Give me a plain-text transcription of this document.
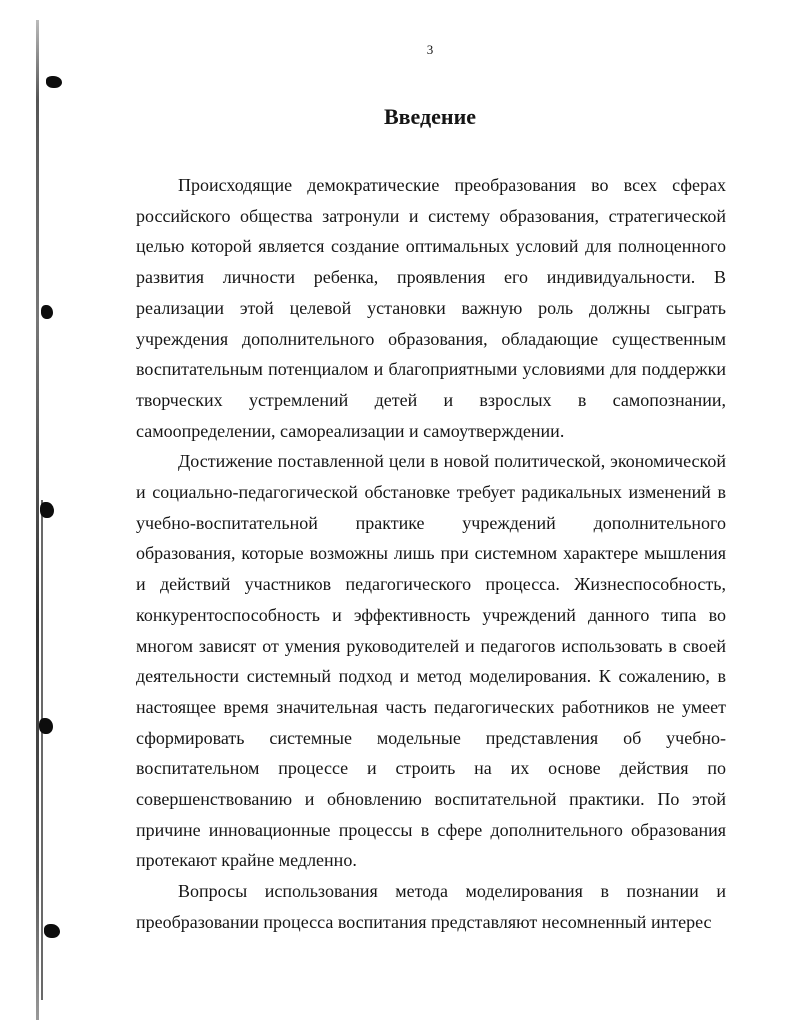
3
Введение

Происходящие демократические преобразования во всех сферах российского общества затронули и систему образования, стратегической целью которой является создание оптимальных условий для полноценного развития личности ребенка, проявления его индивидуальности. В реализации этой целевой установки важную роль должны сыграть учреждения дополнительного образования, обладающие существенным воспитательным потенциалом и благоприятными условиями для поддержки творческих устремлений детей и взрослых в самопознании, самоопределении, самореализации и самоутверждении.

Достижение поставленной цели в новой политической, экономической и социально-педагогической обстановке требует радикальных изменений в учебно-воспитательной практике учреждений дополнительного образования, которые возможны лишь при системном характере мышления и действий участников педагогического процесса. Жизнеспособность, конкурентоспособность и эффективность учреждений данного типа во многом зависят от умения руководителей и педагогов использовать в своей деятельности системный подход и метод моделирования. К сожалению, в настоящее время значительная часть педагогических работников не умеет сформировать системные модельные представления об учебно-воспитательном процессе и строить на их основе действия по совершенствованию и обновлению воспитательной практики. По этой причине инновационные процессы в сфере дополнительного образования протекают крайне медленно.

Вопросы использования метода моделирования в познании и преобразовании процесса воспитания представляют несомненный интерес
